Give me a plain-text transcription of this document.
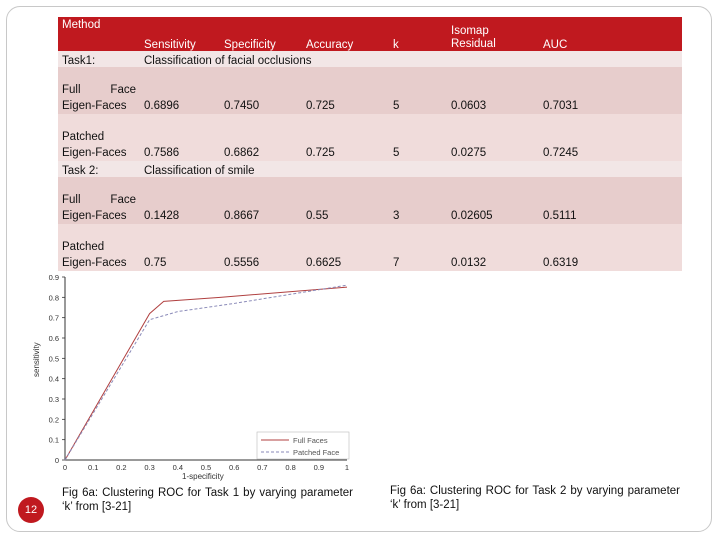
Method	Sensitivity	Specificity	Accuracy	k	Isomap Residual	AUC
Task1:	Classification of facial occlusions					

Full Face Eigen-Faces	0.6896	0.7450	0.725	5	0.0603	0.7031

Patched Eigen-Faces	0.7586	0.6862	0.725	5	0.0275	0.7245
Task 2:	Classification of smile					

Full Face Eigen-Faces	0.1428	0.8667	0.55	3	0.02605	0.5111

Patched Eigen-Faces	0.75	0.5556	0.6625	7	0.0132	0.6319
0
0.1
0.2
0.3
0.4
0.5
0.6
0.7
0.8
0.9
0	0.1 0.2 0.3 0.4 0.5 0.6 0.7 0.8 0.9	1
sensitivity
Full Faces
Patched Face
1-specificity
12
Fig 6a: Clustering ROC for Task 1 by varying parameter ‘k’ from [3-21]
Fig 6a: Clustering ROC for Task 2 by varying parameter ‘k’ from [3-21]
